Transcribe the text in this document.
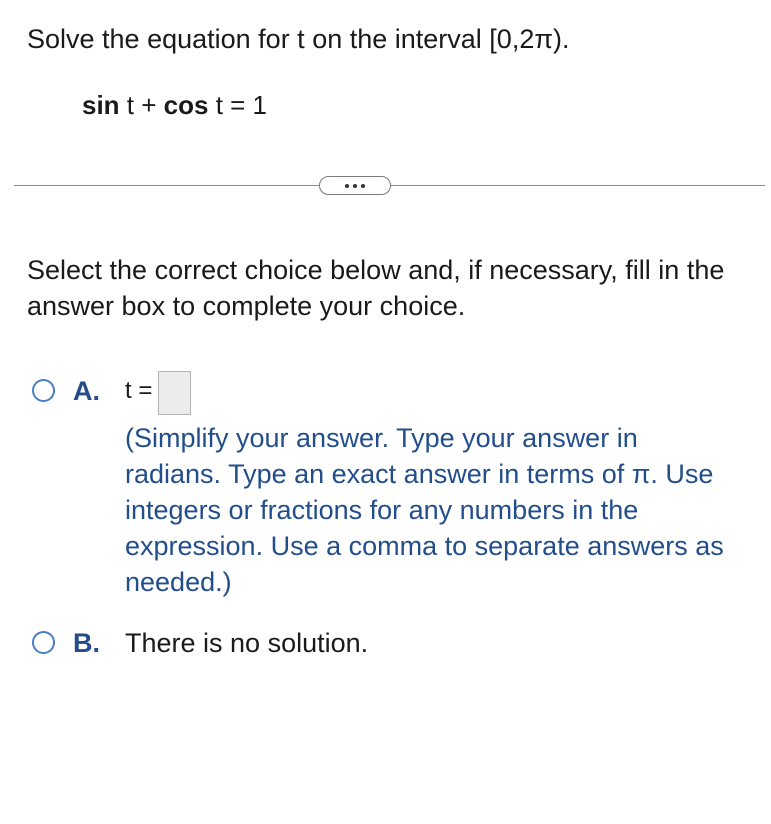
Solve the equation for t on the interval [0,2π).

sin t + cos t = 1
Select the correct choice below and, if necessary, fill in the answer box to complete your choice.
A.	t =
(Simplify your answer. Type your answer in radians. Type an exact answer in terms of π. Use integers or fractions for any numbers in the expression. Use a comma to separate answers as needed.)
B. There is no solution.
